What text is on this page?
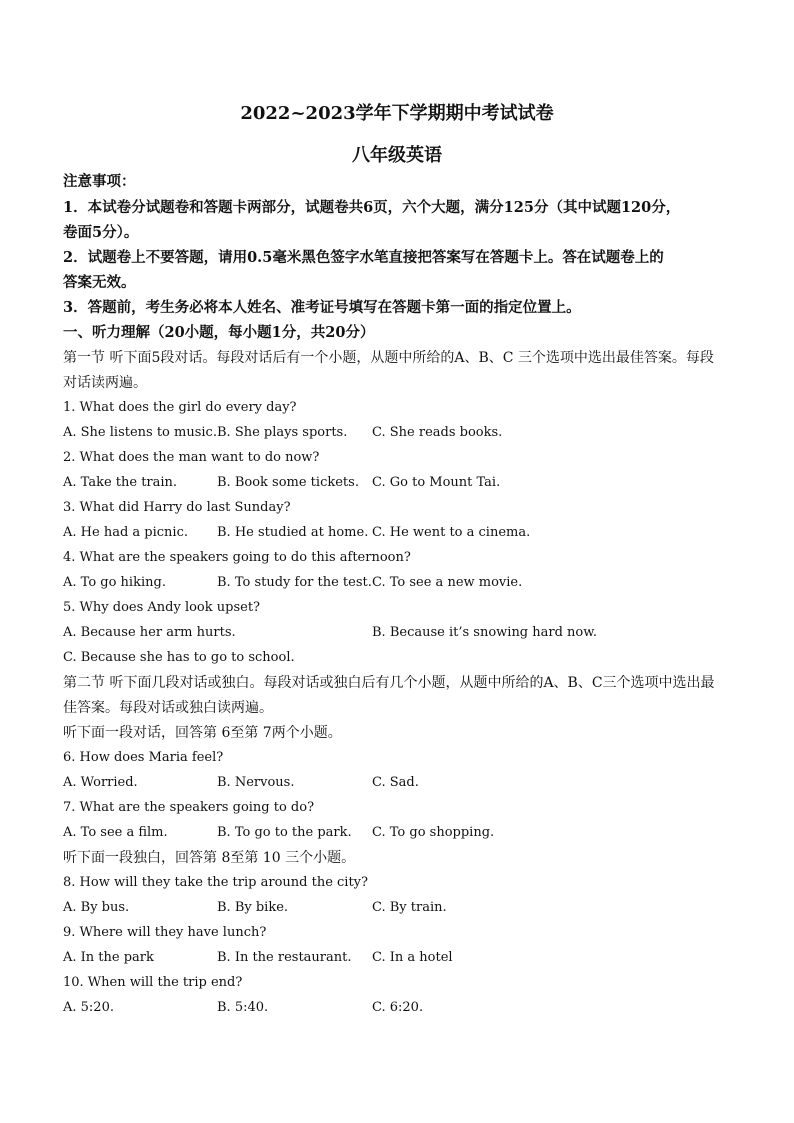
2022~2023学年下学期期中考试试卷
八年级英语
注意事项：
1．本试卷分试题卷和答题卡两部分，试题卷共6页，六个大题，满分125分（其中试题120分，
卷面5分）。
2．试题卷上不要答题，请用0.5毫米黑色签字水笔直接把答案写在答题卡上。答在试题卷上的
答案无效。
3．答题前，考生务必将本人姓名、准考证号填写在答题卡第一面的指定位置上。
一、听力理解（20小题，每小题1分，共20分）
第一节 听下面5段对话。每段对话后有一个小题，从题中所给的A、B、C 三个选项中选出最佳答案。每段
对话读两遍。
1. What does the girl do every day?
A. She listens to music. B. She plays sports. C. She reads books.
2. What does the man want to do now?
A. Take the train.	B. Book some tickets. C. Go to Mount Tai.
3. What did Harry do last Sunday?
A. He had a picnic. B. He studied at home. C. He went to a cinema.
4. What are the speakers going to do this afternoon?
A. To go hiking.	B. To study for the test. C. To see a new movie.
5. Why does Andy look upset?
A. Because her arm hurts.	B. Because it’s snowing hard now.
C. Because she has to go to school.
第二节 听下面几段对话或独白。每段对话或独白后有几个小题，从题中所给的A、B、C三个选项中选出最
佳答案。每段对话或独白读两遍。
听下面一段对话，回答第 6至第 7两个小题。
6. How does Maria feel?
A. Worried.	B. Nervous.	C. Sad.
7. What are the speakers going to do?
A. To see a film.	B. To go to the park. C. To go shopping.
听下面一段独白，回答第 8至第 10 三个小题。
8. How will they take the trip around the city?
A. By bus.	B. By bike.	C. By train.
9. Where will they have lunch?
A. In the park	B. In the restaurant. C. In a hotel
10. When will the trip end?
A. 5:20.	B. 5:40.	C. 6:20.
